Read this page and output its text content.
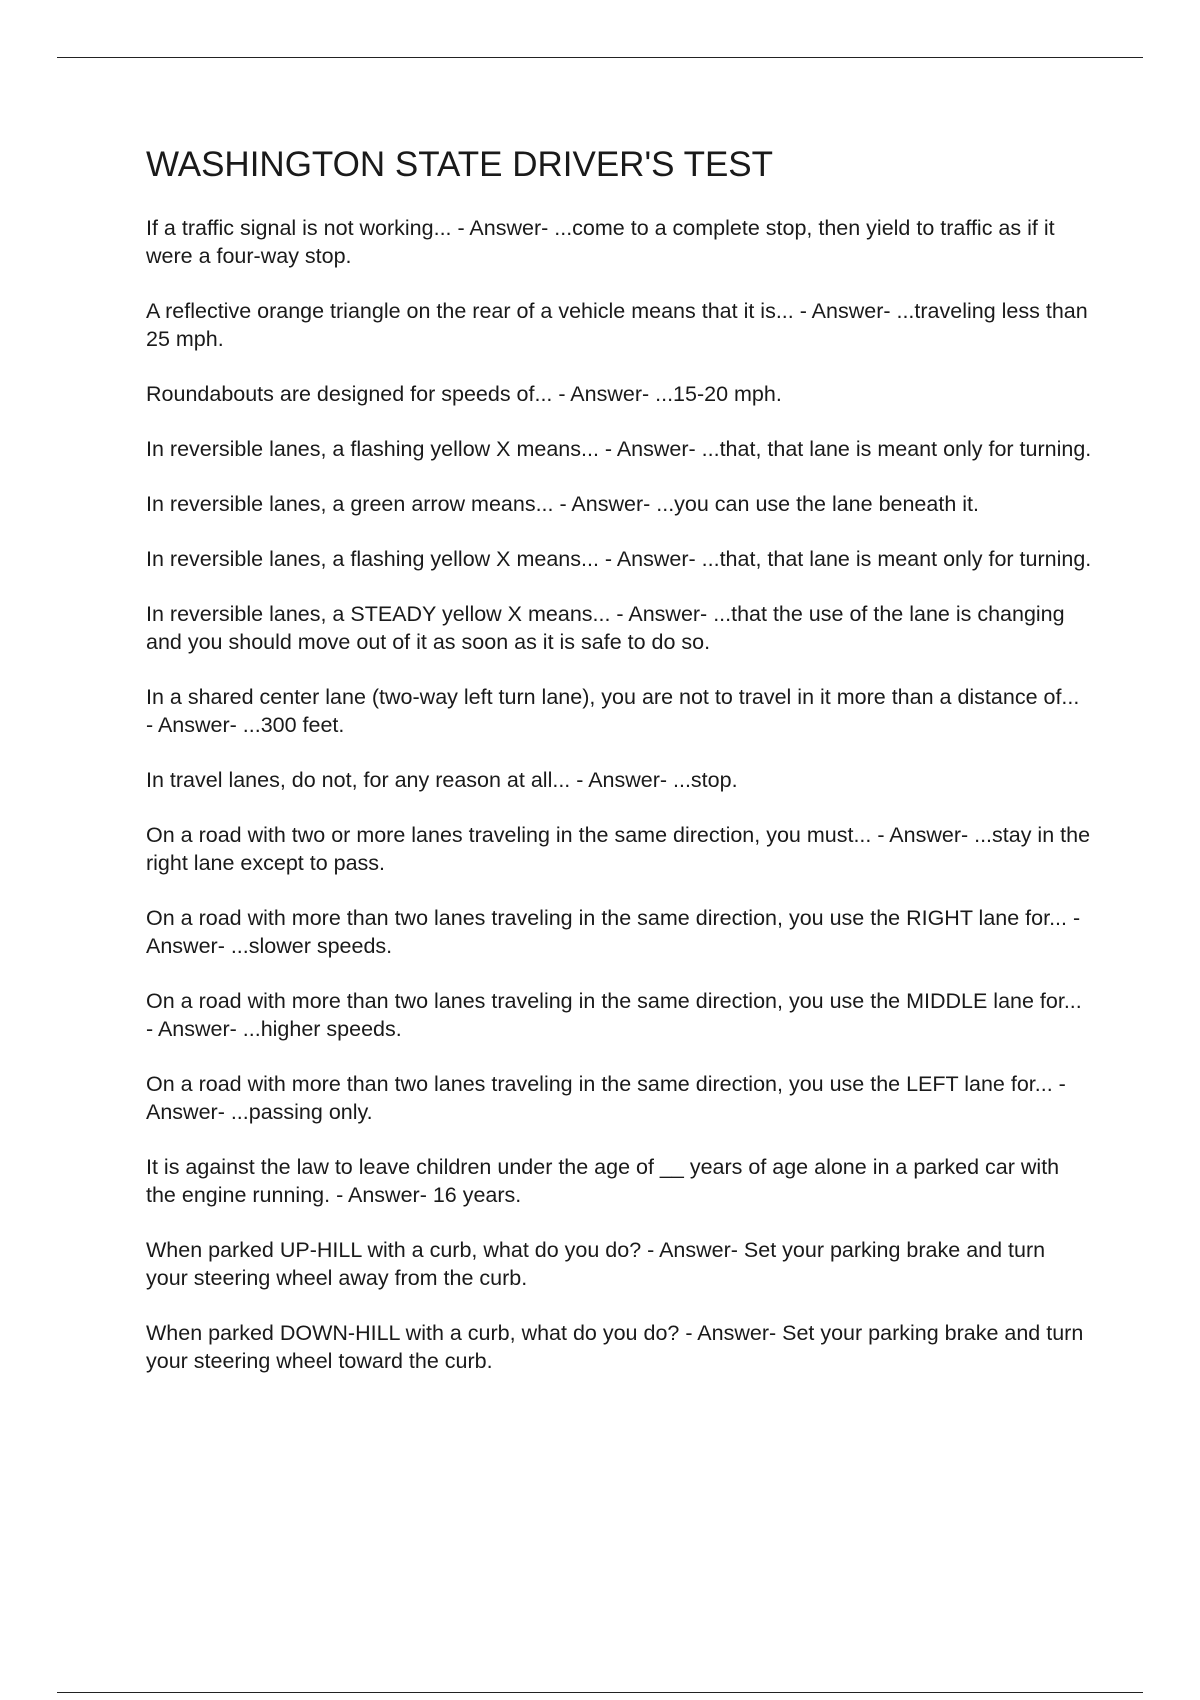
WASHINGTON STATE DRIVER'S TEST
If a traffic signal is not working... - Answer- ...come to a complete stop, then yield to traffic as if it were a four-way stop.
A reflective orange triangle on the rear of a vehicle means that it is... - Answer- ...traveling less than 25 mph.
Roundabouts are designed for speeds of... - Answer- ...15-20 mph.
In reversible lanes, a flashing yellow X means... - Answer- ...that, that lane is meant only for turning.
In reversible lanes, a green arrow means... - Answer- ...you can use the lane beneath it.
In reversible lanes, a flashing yellow X means... - Answer- ...that, that lane is meant only for turning.
In reversible lanes, a STEADY yellow X means... - Answer- ...that the use of the lane is changing and you should move out of it as soon as it is safe to do so.
In a shared center lane (two-way left turn lane), you are not to travel in it more than a distance of... - Answer- ...300 feet.
In travel lanes, do not, for any reason at all... - Answer- ...stop.
On a road with two or more lanes traveling in the same direction, you must... - Answer- ...stay in the right lane except to pass.
On a road with more than two lanes traveling in the same direction, you use the RIGHT lane for... - Answer- ...slower speeds.
On a road with more than two lanes traveling in the same direction, you use the MIDDLE lane for... - Answer- ...higher speeds.
On a road with more than two lanes traveling in the same direction, you use the LEFT lane for... - Answer- ...passing only.
It is against the law to leave children under the age of __ years of age alone in a parked car with the engine running. - Answer- 16 years.
When parked UP-HILL with a curb, what do you do? - Answer- Set your parking brake and turn your steering wheel away from the curb.
When parked DOWN-HILL with a curb, what do you do? - Answer- Set your parking brake and turn your steering wheel toward the curb.
